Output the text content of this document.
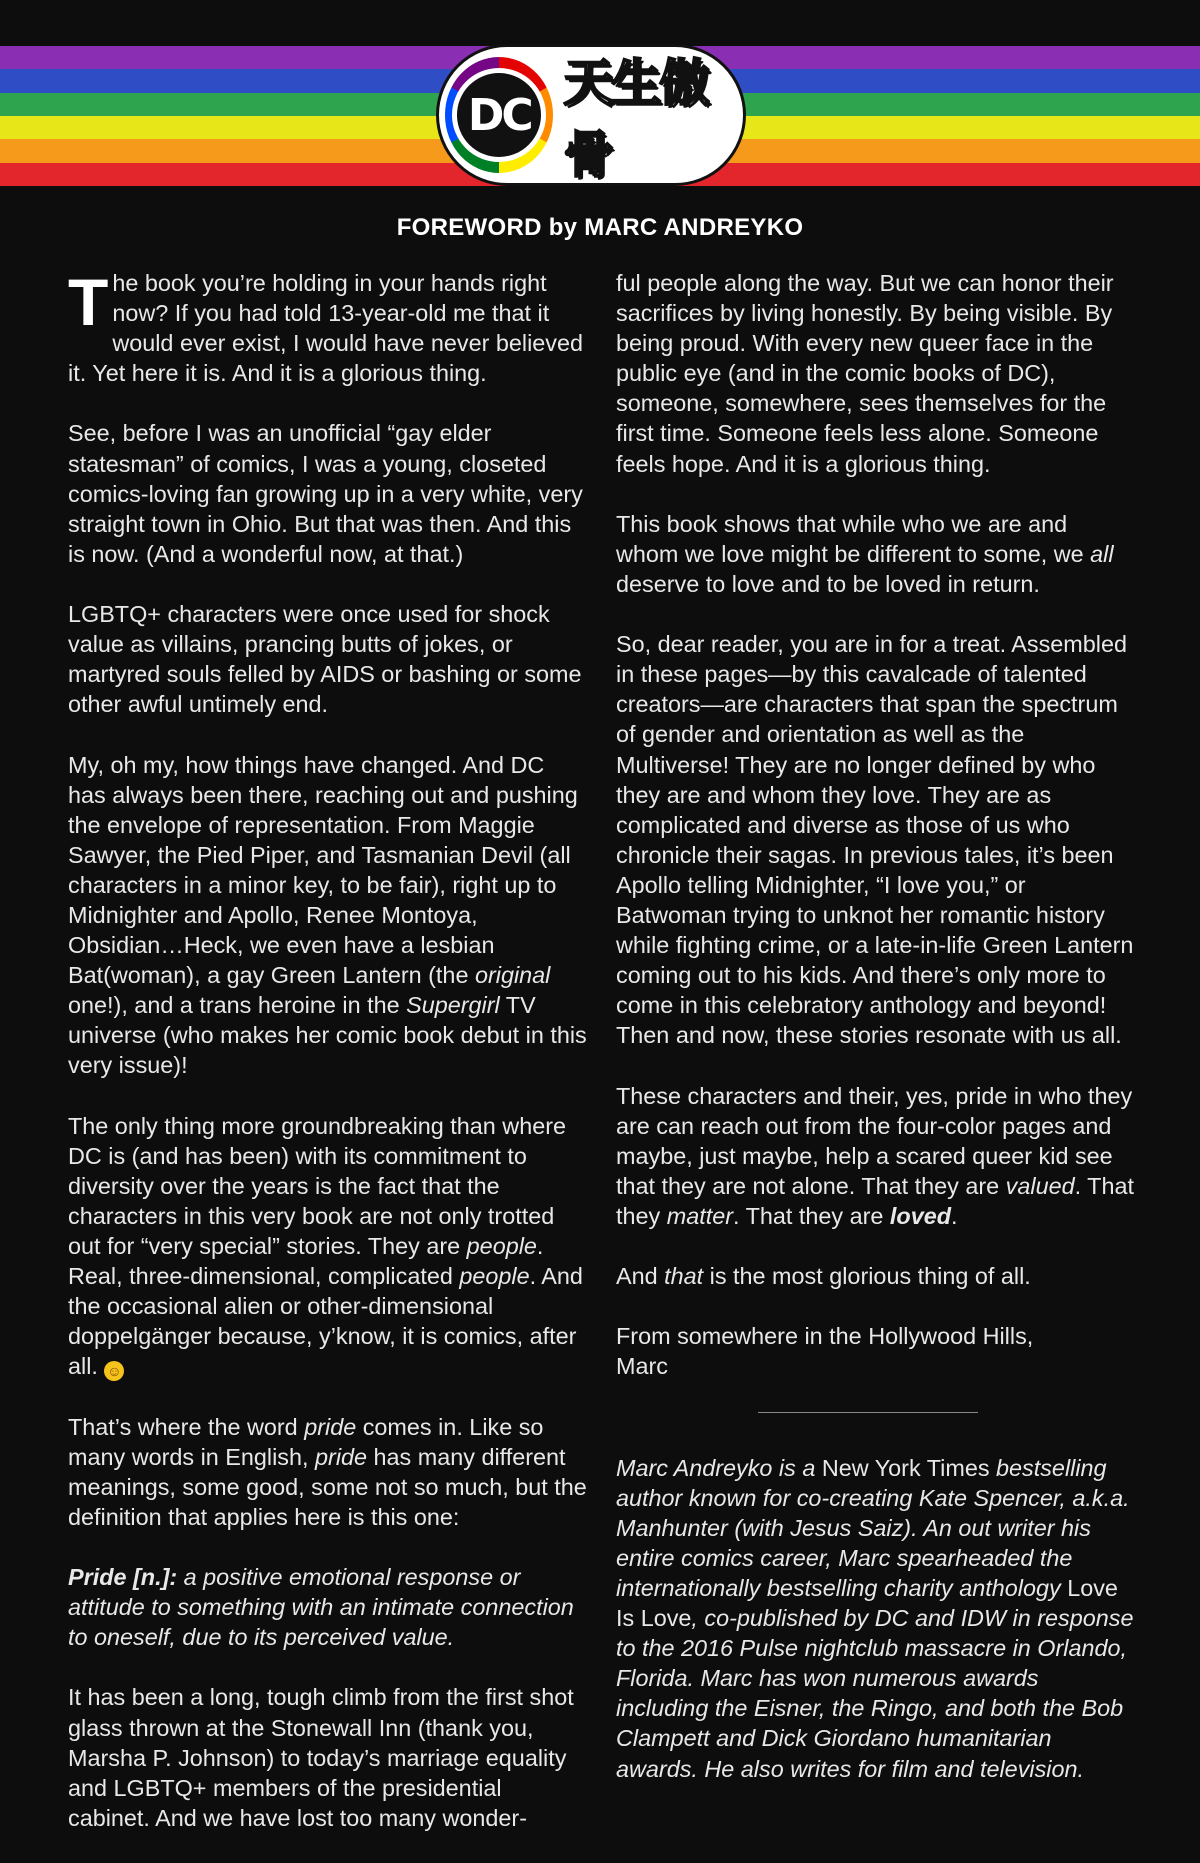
DC
天生傲骨
FOREWORD by MARC ANDREYKO

The book you’re holding in your hands right now? If you had told 13-year-old me that it would ever exist, I would have never believed it. Yet here it is. And it is a glorious thing.

See, before I was an unofficial “gay elder statesman” of comics, I was a young, closeted comics-loving fan growing up in a very white, very straight town in Ohio. But that was then. And this is now. (And a wonderful now, at that.)

LGBTQ+ characters were once used for shock value as villains, prancing butts of jokes, or martyred souls felled by AIDS or bashing or some other awful untimely end.

My, oh my, how things have changed. And DC has always been there, reaching out and pushing the envelope of representation. From Maggie Sawyer, the Pied Piper, and Tasmanian Devil (all characters in a minor key, to be fair), right up to Midnighter and Apollo, Renee Montoya, Obsidian…Heck, we even have a lesbian Bat(woman), a gay Green Lantern (the original one!), and a trans heroine in the Supergirl TV universe (who makes her comic book debut in this very issue)!

The only thing more groundbreaking than where DC is (and has been) with its commitment to diversity over the years is the fact that the characters in this very book are not only trotted out for “very special” stories. They are people. Real, three-dimensional, complicated people. And the occasional alien or other-dimensional doppelgänger because, y’know, it is comics, after all. ☺

That’s where the word pride comes in. Like so many words in English, pride has many different meanings, some good, some not so much, but the definition that applies here is this one:

Pride [n.]: a positive emotional response or attitude to something with an intimate connection to oneself, due to its perceived value.

It has been a long, tough climb from the first shot glass thrown at the Stonewall Inn (thank you, Marsha P. Johnson) to today’s marriage equality and LGBTQ+ members of the presidential cabinet. And we have lost too many wonder-

ful people along the way. But we can honor their sacrifices by living honestly. By being visible. By being proud. With every new queer face in the public eye (and in the comic books of DC), someone, somewhere, sees themselves for the first time. Someone feels less alone. Someone feels hope. And it is a glorious thing.

This book shows that while who we are and whom we love might be different to some, we all deserve to love and to be loved in return.

So, dear reader, you are in for a treat. Assembled in these pages—by this cavalcade of talented creators—are characters that span the spectrum of gender and orientation as well as the Multiverse! They are no longer defined by who they are and whom they love. They are as complicated and diverse as those of us who chronicle their sagas. In previous tales, it’s been Apollo telling Midnighter, “I love you,” or Batwoman trying to unknot her romantic history while fighting crime, or a late-in-life Green Lantern coming out to his kids. And there’s only more to come in this celebratory anthology and beyond! Then and now, these stories resonate with us all.

These characters and their, yes, pride in who they are can reach out from the four-color pages and maybe, just maybe, help a scared queer kid see that they are not alone. That they are valued. That they matter. That they are loved.

And that is the most glorious thing of all.

From somewhere in the Hollywood Hills,
Marc

Marc Andreyko is a New York Times bestselling author known for co-creating Kate Spencer, a.k.a. Manhunter (with Jesus Saiz). An out writer his entire comics career, Marc spearheaded the internationally bestselling charity anthology Love Is Love, co-published by DC and IDW in response to the 2016 Pulse nightclub massacre in Orlando, Florida. Marc has won numerous awards including the Eisner, the Ringo, and both the Bob Clampett and Dick Giordano humanitarian awards. He also writes for film and television.
